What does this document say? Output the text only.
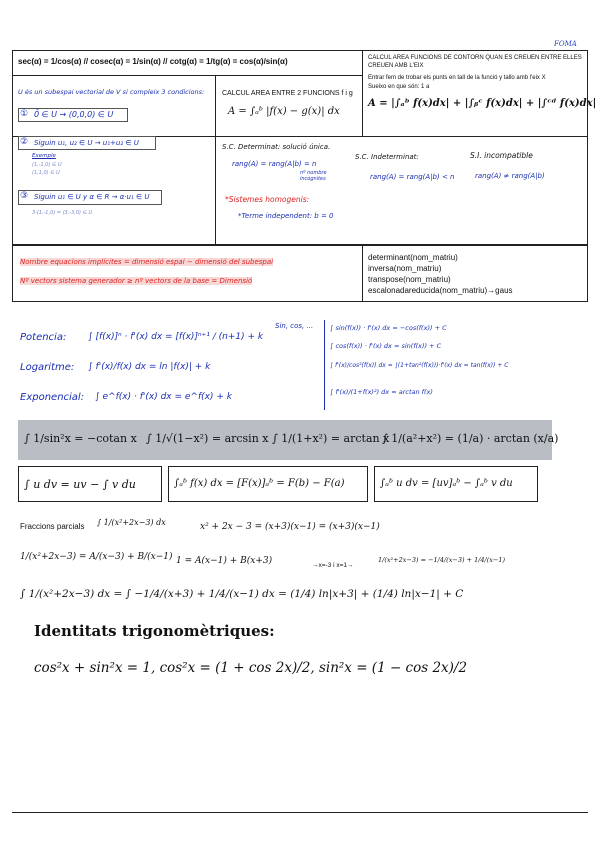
FOMA
sec(α) = 1/cos(α) // cosec(α) = 1/sin(α) // cotg(α) = 1/tg(α) = cos(α)/sin(α)	CALCUL AREA FUNCIONS DE CONTORN QUAN ES CREUEN ENTRE ELLES CREUEN AMB L'EIX
Entrar fem de trobar els punts en tall de la funció y tallo amb l'eix X
Sueixo en que són: 1 a
A = |∫ₐᵇ f(x)dx| + |∫ᵦᶜ f(x)dx| + |∫ᶜᵈ f(x)dx|
CALCUL AREA ENTRE 2 FUNCIONS f i g
A = ∫ₐᵇ |f(x) − g(x)| dx
U és un subespai vectorial de V si compleix 3 condicions:
① 0̄ ∈ U → (0,0,0) ∈ U
② Siguin u₁, u₂ ∈ U → u₁+u₂ ∈ U
Exemple
(1,-1,0) ∈ U
(1,1,0) ∈ U
③ Siguin u₁ ∈ U y α ∈ R → α·u₁ ∈ U
3·(1,-1,0) = (3,-3,0) ∈ U
S.C. Determinat: solució única.
rang(A) = rang(A|b) = n
nº nombre incògnites
S.C. Indeterminat:
rang(A) = rang(A|b) < n
S.I. incompatible
rang(A) ≠ rang(A|b)
*Sistemes homogenis:
*Terme independent: b = 0
Nombre equacions implícites = dimensió espai − dimensió del subespai
Nº vectors sistema generador ≥ nº vectors de la base = Dimensió
determinant(nom_matriu)
inversa(nom_matriu)
transpose(nom_matriu)
escalonadareducida(nom_matriu)→gaus
Potencia: ∫ [f(x)]ⁿ · f'(x) dx = [f(x)]ⁿ⁺¹ / (n+1) + k
Logaritme: ∫ f'(x)/f(x) dx = ln |f(x)| + k
Exponencial: ∫ e^f(x) · f'(x) dx = e^f(x) + k
Sin, cos, ...	∫ sin(f(x)) · f'(x) dx = −cos(f(x)) + C
∫ cos(f(x)) · f'(x) dx = sin(f(x)) + C
∫ f'(x)/cos²(f(x)) dx = ∫(1+tan²(f(x)))·f'(x) dx = tan(f(x)) + C
∫ f'(x)/(1+f(x)²) dx = arctan f(x)
∫ 1/sin²x = −cotan x ∫ 1/√(1−x²) = arcsin x ∫ 1/(1+x²) = arctan x
∫ 1/(a²+x²) = (1/a) · arctan (x/a)
∫ u dv = uv − ∫ v du	∫ₐᵇ f(x) dx = [F(x)]ₐᵇ = F(b) − F(a)	∫ₐᵇ u dv = [uv]ₐᵇ − ∫ₐᵇ v du
Fraccions parcials ∫ 1/(x²+2x−3) dx	x² + 2x − 3 = (x+3)(x−1) = (x+3)(x−1)
1/(x²+2x−3) = A/(x−3) + B/(x−1) 1 = A(x−1) + B(x+3)	→x=-3 i x=1→
1/(x²+2x−3) = −1/4/(x−3) + 1/4/(x−1)
∫ 1/(x²+2x−3) dx = ∫ −1/4/(x+3) + 1/4/(x−1) dx = (1/4) ln|x+3| + (1/4) ln|x−1| + C
Identitats trigonomètriques:
cos²x + sin²x = 1, cos²x = (1 + cos 2x)/2, sin²x = (1 − cos 2x)/2
